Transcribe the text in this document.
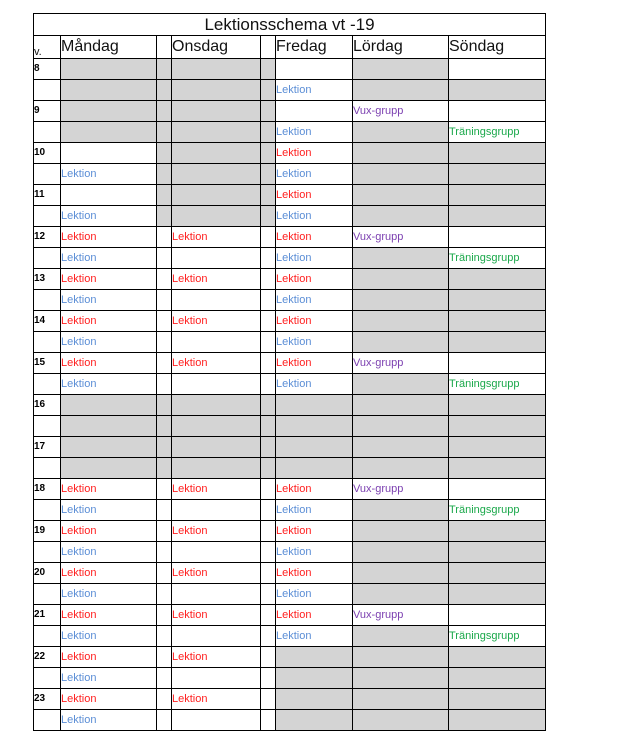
Lektionsschema vt -19							
v.	Måndag		Onsdag		Fredag	Lördag	Söndag
8							
					Lektion		
9						Vux-grupp	
					Lektion		Träningsgrupp
10					Lektion		
	Lektion				Lektion		
11					Lektion		
	Lektion				Lektion		
12	Lektion		Lektion		Lektion	Vux-grupp	
	Lektion				Lektion		Träningsgrupp
13	Lektion		Lektion		Lektion		
	Lektion				Lektion		
14	Lektion		Lektion		Lektion		
	Lektion				Lektion		
15	Lektion		Lektion		Lektion	Vux-grupp	
	Lektion				Lektion		Träningsgrupp
16							

17							

18	Lektion		Lektion		Lektion	Vux-grupp	
	Lektion				Lektion		Träningsgrupp
19	Lektion		Lektion		Lektion		
	Lektion				Lektion		
20	Lektion		Lektion		Lektion		
	Lektion				Lektion		
21	Lektion		Lektion		Lektion	Vux-grupp	
	Lektion				Lektion		Träningsgrupp
22	Lektion		Lektion				
	Lektion						
23	Lektion		Lektion				
	Lektion						
